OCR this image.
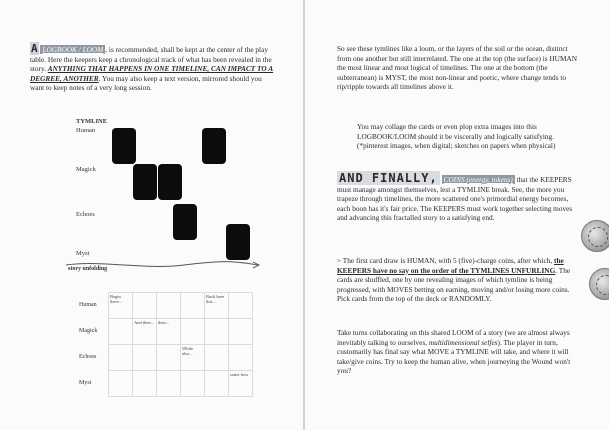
A LOGBOOK / LOOM , is recommended, shall be kept at the center of the play table. Here the keepers keep a chronological track of what has been revealed in the story. ANYTHING THAT HAPPENS IN ONE TIMELINE, CAN IMPACT TO A DEGREE, ANOTHER. You may also keep a text version, mirrored should you want to keep notes of a very long session.
TYMLINE
Human
Magick
Echoes
Myst
story unfolding
Human	Begin there...				Back here this...	
Magick		And then...	then...			
Echoes				While also...		
Myst						some how
So see these tymlines like a loom, or the layers of the soil or the ocean, distinct from one another but still interrelated. The one at the top (the surface) is HUMAN the most linear and most logical of timelines. The one at the bottom (the subterranean) is MYST, the most non-linear and poetic, where change tends to rip/ripple towards all timelines above it.
You may collage the cards or even plop extra images into this LOGBOOK/LOOM should it be viscerally and logically satisfying. (*pinterest images, when digital; sketches on papers when physical)
AND FINALLY, COINS (energy, tokens) that the KEEPERS must manage amongst themselves, lest a TYMLINE break. See, the more you trapeze through timelines, the more scattered one's primordial energy becomes, each boon has it's fair price. The KEEPERS must work together selecting moves and advancing this fractalled story to a satisfying end.
> The first card draw is HUMAN, with 5 (five)-charge coins, after which, the KEEPERS have no say on the order of the TYMLINES UNFURLING. The cards are shuffled, one by one revealing images of which tymline is being progressed, with MOVES betting on earning, moving and/or losing more coins. Pick cards from the top of the deck or RANDOMLY.
Take turns collaborating on this shared LOOM of a story (we are almost always inevitably talking to ourselves, multidimensional selfes). The player in turn, customarily has final say what MOVE a TYMLINE will take, and where it will take/give coins. Try to keep the human alive, when journeying the Wound won't you?
